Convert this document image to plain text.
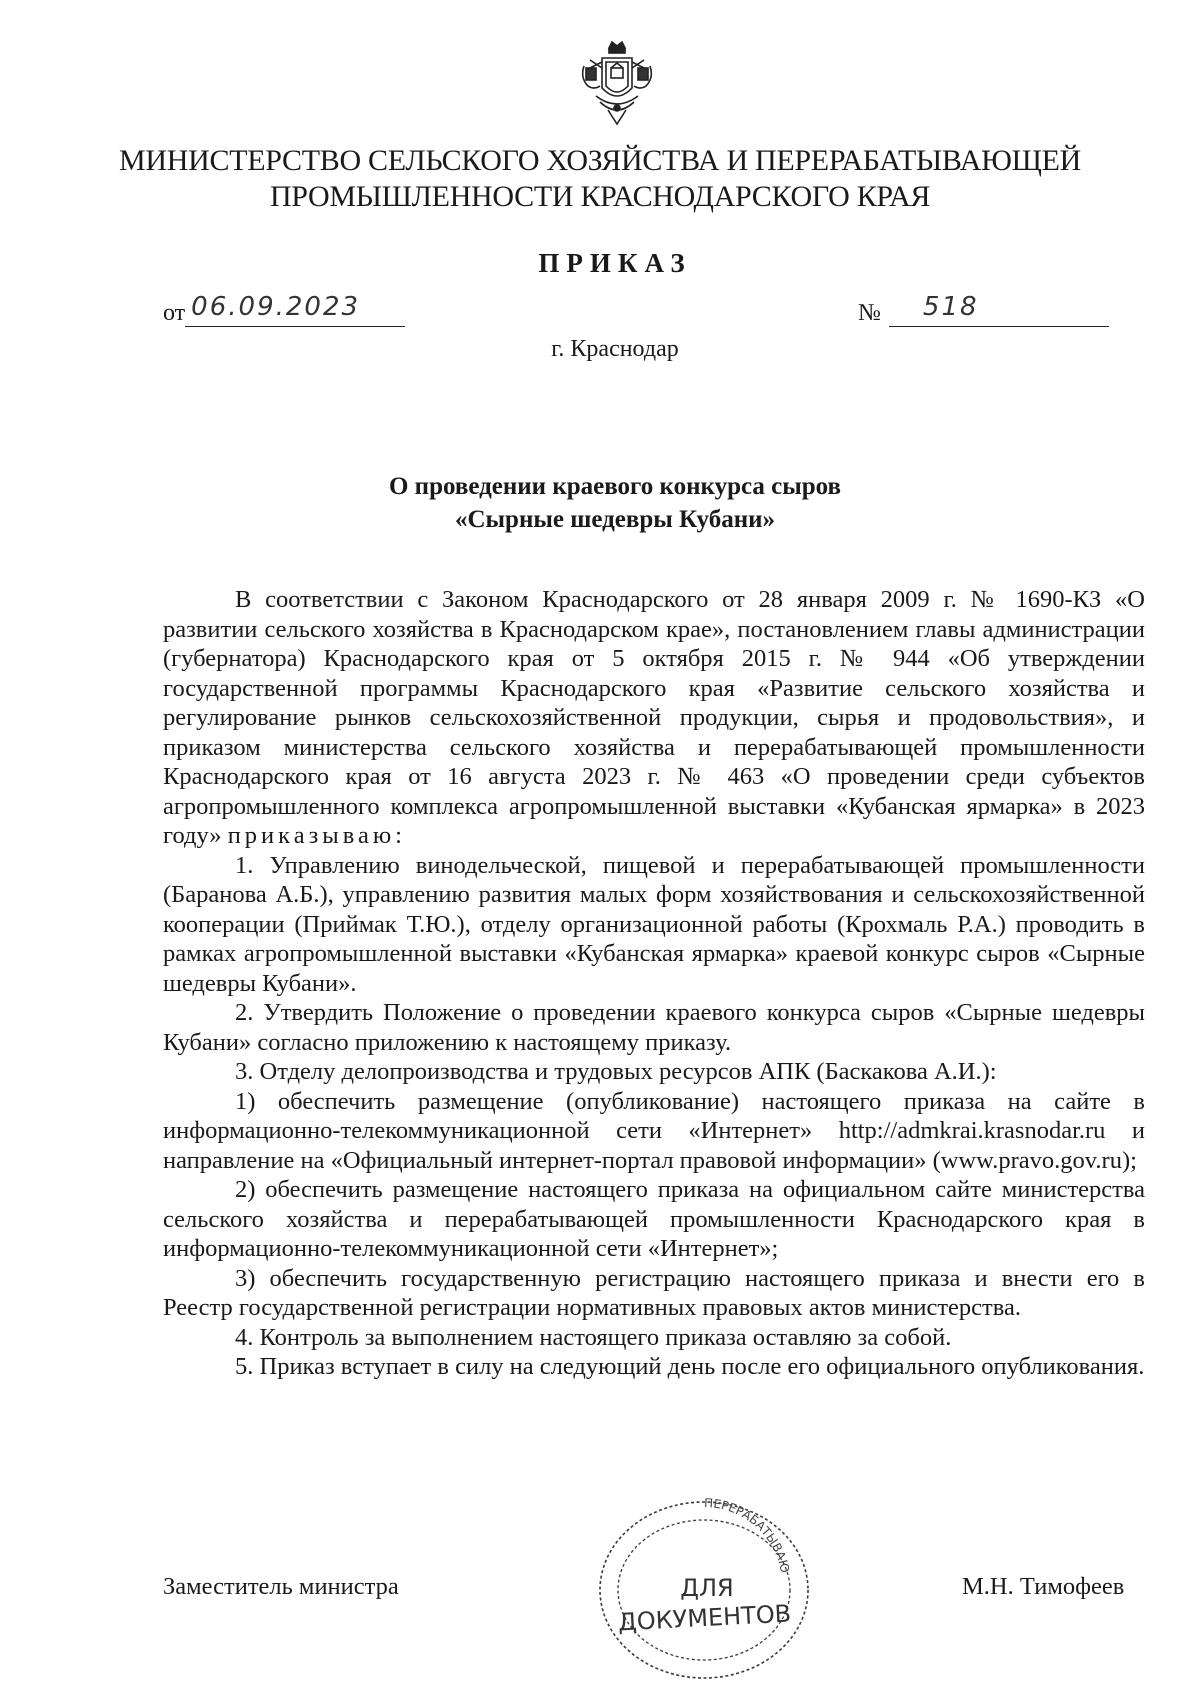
МИНИСТЕРСТВО СЕЛЬСКОГО ХОЗЯЙСТВА И ПЕРЕРАБАТЫВАЮЩЕЙ
ПРОМЫШЛЕННОСТИ КРАСНОДАРСКОГО КРАЯ
ПРИКАЗ
от 06.09.2023	№ 518
г. Краснодар
О проведении краевого конкурса сыров
«Сырные шедевры Кубани»

В соответствии с Законом Краснодарского от 28 января 2009 г. № 1690-КЗ «О развитии сельского хозяйства в Краснодарском крае», постановлением главы администрации (губернатора) Краснодарского края от 5 октября 2015 г. № 944 «Об утверждении государственной программы Краснодарского края «Развитие сельского хозяйства и регулирование рынков сельскохозяйственной продукции, сырья и продовольствия», и приказом министерства сельского хозяйства и перерабатывающей промышленности Краснодарского края от 16 августа 2023 г. № 463 «О проведении среди субъектов агропромышленного комплекса агропромышленной выставки «Кубанская ярмарка» в 2023 году» приказываю:

1. Управлению винодельческой, пищевой и перерабатывающей промышленности (Баранова А.Б.), управлению развития малых форм хозяйствования и сельскохозяйственной кооперации (Приймак Т.Ю.), отделу организационной работы (Крохмаль Р.А.) проводить в рамках агропромышленной выставки «Кубанская ярмарка» краевой конкурс сыров «Сырные шедевры Кубани».

2. Утвердить Положение о проведении краевого конкурса сыров «Сырные шедевры Кубани» согласно приложению к настоящему приказу.

3. Отделу делопроизводства и трудовых ресурсов АПК (Баскакова А.И.):

1) обеспечить размещение (опубликование) настоящего приказа на сайте в информационно-телекоммуникационной сети «Интернет» http://admkrai.krasnodar.ru и направление на «Официальный интернет-портал правовой информации» (www.pravo.gov.ru);

2) обеспечить размещение настоящего приказа на официальном сайте министерства сельского хозяйства и перерабатывающей промышленности Краснодарского края в информационно-телекоммуникационной сети «Интернет»;

3) обеспечить государственную регистрацию настоящего приказа и внести его в Реестр государственной регистрации нормативных правовых актов министерства.

4. Контроль за выполнением настоящего приказа оставляю за собой.

5. Приказ вступает в силу на следующий день после его официального опубликования.

Заместитель министра	М.Н. Тимофеев
ПЕРЕРАБАТЫВАЮ
ДЛЯ
ДОКУМЕНТОВ
